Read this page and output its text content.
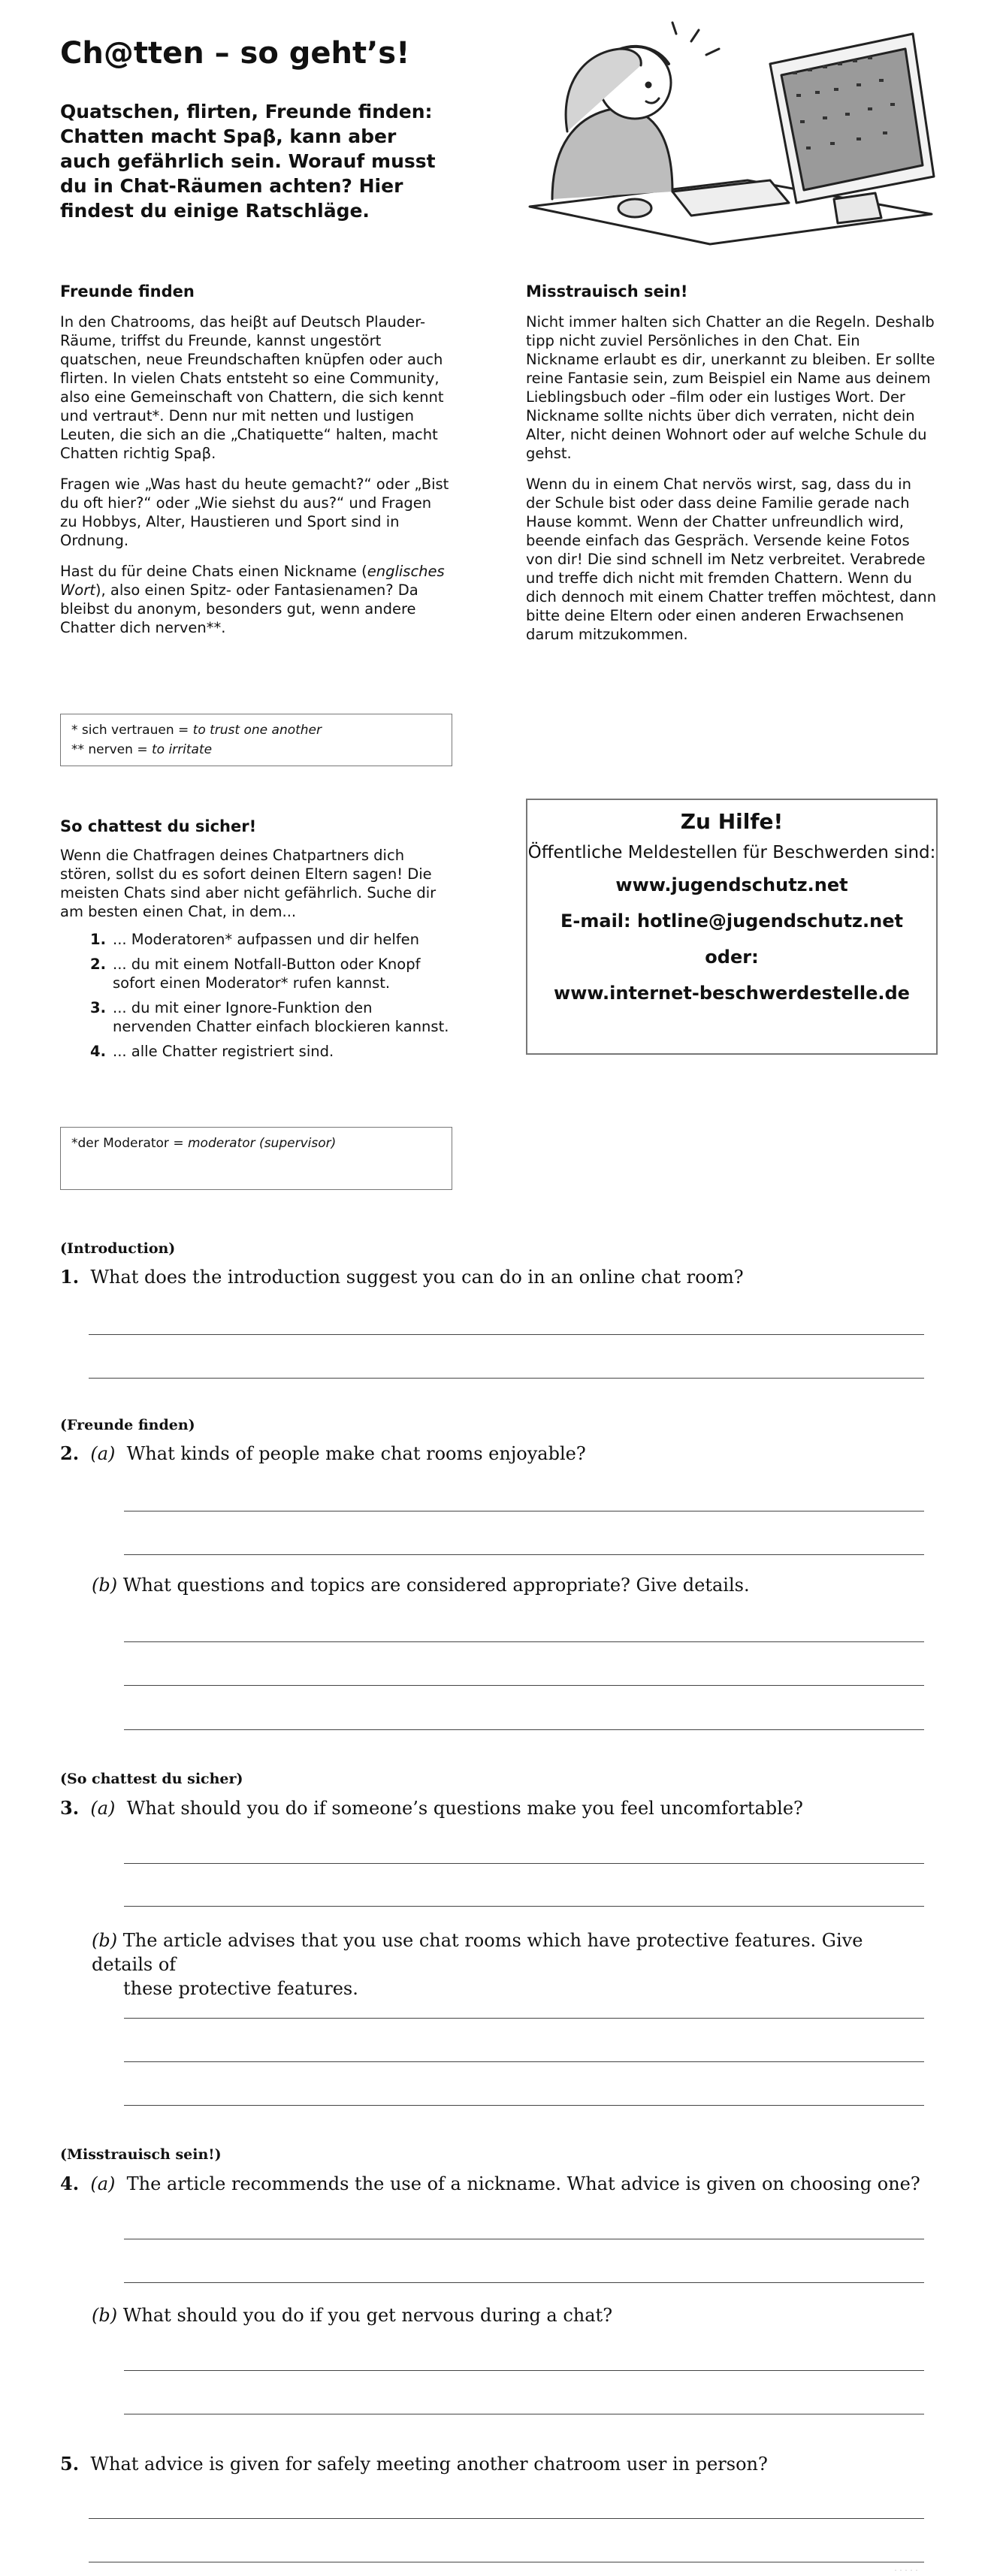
Ch@tten – so geht’s!
Quatschen, flirten, Freunde finden: Chatten macht Spaβ, kann aber auch gefährlich sein. Worauf musst du in Chat-Räumen achten? Hier findest du einige Ratschläge.
Freunde finden

In den Chatrooms, das heiβt auf Deutsch Plauder-Räume, triffst du Freunde, kannst ungestört quatschen, neue Freundschaften knüpfen oder auch flirten. In vielen Chats entsteht so eine Community, also eine Gemeinschaft von Chattern, die sich kennt und vertraut*. Denn nur mit netten und lustigen Leuten, die sich an die „Chatiquette“ halten, macht Chatten richtig Spaβ.

Fragen wie „Was hast du heute gemacht?“ oder „Bist du oft hier?“ oder „Wie siehst du aus?“ und Fragen zu Hobbys, Alter, Haustieren und Sport sind in Ordnung.

Hast du für deine Chats einen Nickname (englisches Wort), also einen Spitz- oder Fantasienamen? Da bleibst du anonym, besonders gut, wenn andere Chatter dich nerven**.

* sich vertrauen = to trust one another
** nerven = to irritate
Misstrauisch sein!

Nicht immer halten sich Chatter an die Regeln. Deshalb tipp nicht zuviel Persönliches in den Chat. Ein Nickname erlaubt es dir, unerkannt zu bleiben. Er sollte reine Fantasie sein, zum Beispiel ein Name aus deinem Lieblingsbuch oder –film oder ein lustiges Wort. Der Nickname sollte nichts über dich verraten, nicht dein Alter, nicht deinen Wohnort oder auf welche Schule du gehst.

Wenn du in einem Chat nervös wirst, sag, dass du in der Schule bist oder dass deine Familie gerade nach Hause kommt. Wenn der Chatter unfreundlich wird, beende einfach das Gespräch. Versende keine Fotos von dir! Die sind schnell im Netz verbreitet. Verabrede und treffe dich nicht mit fremden Chattern. Wenn du dich dennoch mit einem Chatter treffen möchtest, dann bitte deine Eltern oder einen anderen Erwachsenen darum mitzukommen.

So chattest du sicher!

Wenn die Chatfragen deines Chatpartners dich stören, sollst du es sofort deinen Eltern sagen! Die meisten Chats sind aber nicht gefährlich. Suche dir am besten einen Chat, in dem...

1. ... Moderatoren* aufpassen und dir helfen
2. ... du mit einem Notfall-Button oder Knopf sofort einen Moderator* rufen kannst.
3. ... du mit einer Ignore-Funktion den nervenden Chatter einfach blockieren kannst.
4. ... alle Chatter registriert sind.
*der Moderator = moderator (supervisor)
Zu Hilfe!
Öffentliche Meldestellen für Beschwerden sind:
www.jugendschutz.net
E-mail: hotline@jugendschutz.net
oder:
www.internet-beschwerdestelle.de
(Introduction)
1. What does the introduction suggest you can do in an online chat room?
(Freunde finden)
2. (a) What kinds of people make chat rooms enjoyable?
(b) What questions and topics are considered appropriate? Give details.
(So chattest du sicher)
3. (a) What should you do if someone’s questions make you feel uncomfortable?
(b) The article advises that you use chat rooms which have protective features. Give details of
these protective features.
(Misstrauisch sein!)
4. (a) The article recommends the use of a nickname. What advice is given on choosing one?
(b) What should you do if you get nervous during a chat?
5. What advice is given for safely meeting another chatroom user in person?
· · · · ·
